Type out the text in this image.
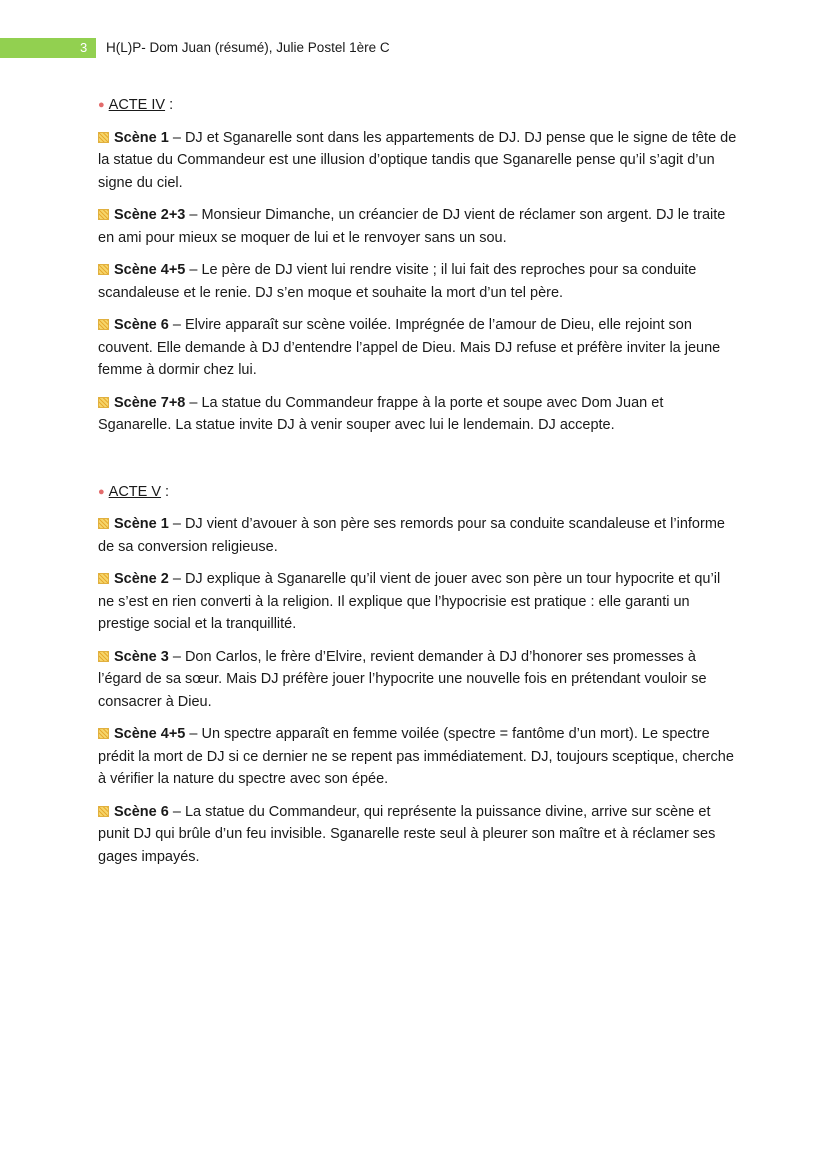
3 H(L)P- Dom Juan (résumé), Julie Postel 1ère C

● ACTE IV :

Scène 1 – DJ et Sganarelle sont dans les appartements de DJ. DJ pense que le signe de tête de la statue du Commandeur est une illusion d’optique tandis que Sganarelle pense qu’il s’agit d’un signe du ciel.

Scène 2+3 – Monsieur Dimanche, un créancier de DJ vient de réclamer son argent. DJ le traite en ami pour mieux se moquer de lui et le renvoyer sans un sou.

Scène 4+5 – Le père de DJ vient lui rendre visite ; il lui fait des reproches pour sa conduite scandaleuse et le renie. DJ s’en moque et souhaite la mort d’un tel père.

Scène 6 – Elvire apparaît sur scène voilée. Imprégnée de l’amour de Dieu, elle rejoint son couvent. Elle demande à DJ d’entendre l’appel de Dieu. Mais DJ refuse et préfère inviter la jeune femme à dormir chez lui.

Scène 7+8 – La statue du Commandeur frappe à la porte et soupe avec Dom Juan et Sganarelle. La statue invite DJ à venir souper avec lui le lendemain. DJ accepte.

● ACTE V :

Scène 1 – DJ vient d’avouer à son père ses remords pour sa conduite scandaleuse et l’informe de sa conversion religieuse.

Scène 2 – DJ explique à Sganarelle qu’il vient de jouer avec son père un tour hypocrite et qu’il ne s’est en rien converti à la religion. Il explique que l’hypocrisie est pratique : elle garanti un prestige social et la tranquillité.

Scène 3 – Don Carlos, le frère d’Elvire, revient demander à DJ d’honorer ses promesses à l’égard de sa sœur. Mais DJ préfère jouer l’hypocrite une nouvelle fois en prétendant vouloir se consacrer à Dieu.

Scène 4+5 – Un spectre apparaît en femme voilée (spectre = fantôme d’un mort). Le spectre prédit la mort de DJ si ce dernier ne se repent pas immédiatement. DJ, toujours sceptique, cherche à vérifier la nature du spectre avec son épée.

Scène 6 – La statue du Commandeur, qui représente la puissance divine, arrive sur scène et punit DJ qui brûle d’un feu invisible. Sganarelle reste seul à pleurer son maître et à réclamer ses gages impayés.
